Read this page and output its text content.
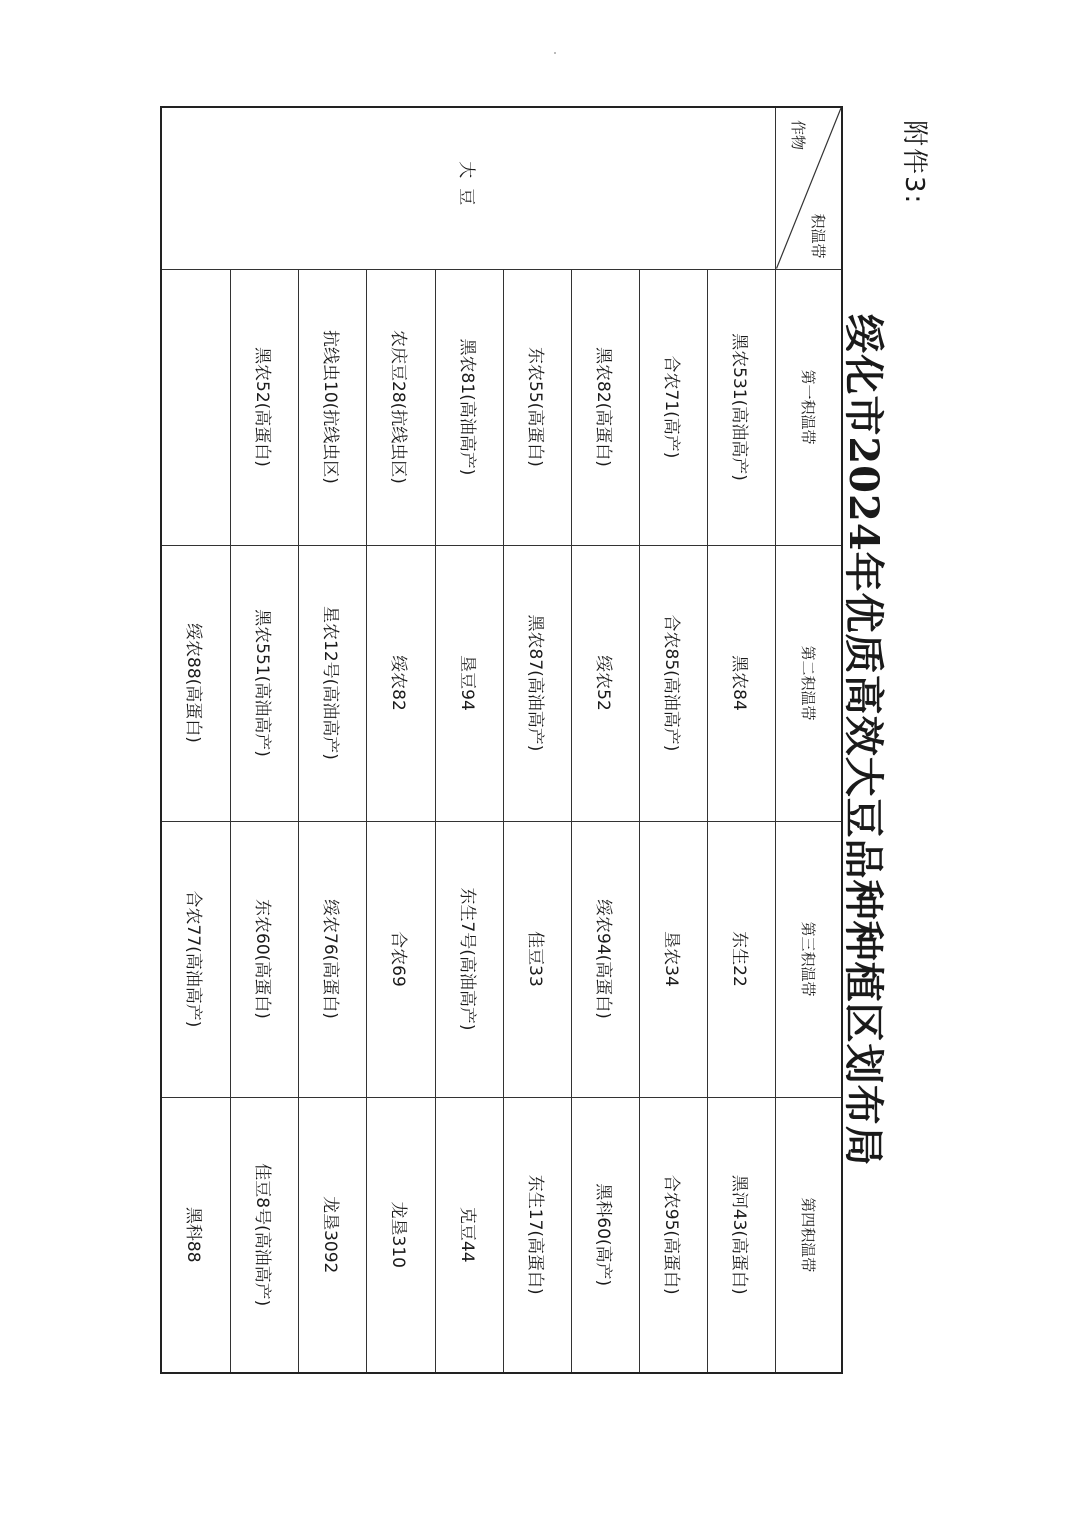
附件3:
绥化市2024年优质高效大豆品种种植区划布局
积温带
作物	第一积温带	第二积温带	第三积温带	第四积温带
大豆	黑农531(高油高产)	黑农84	东生22	黑河43(高蛋白)
	合农71(高产)	合农85(高油高产)	垦农34	合农95(高蛋白)
	黑农82(高蛋白)	绥农52	绥农94(高蛋白)	黑科60(高产)
	东农55(高蛋白)	黑农87(高油高产)	佳豆33	东生17(高蛋白)
	黑农81(高油高产)	垦豆94	东生7号(高油高产)	克豆44
	农庆豆28(抗线虫区)	绥农82	合农69	龙垦310
	抗线虫10(抗线虫区)	星农12号(高油高产)	绥农76(高蛋白)	龙垦3092
	黑农52(高蛋白)	黑农551(高油高产)	东农60(高蛋白)	佳豆8号(高油高产)
		绥农88(高蛋白)	合农77(高油高产)	黑科88
